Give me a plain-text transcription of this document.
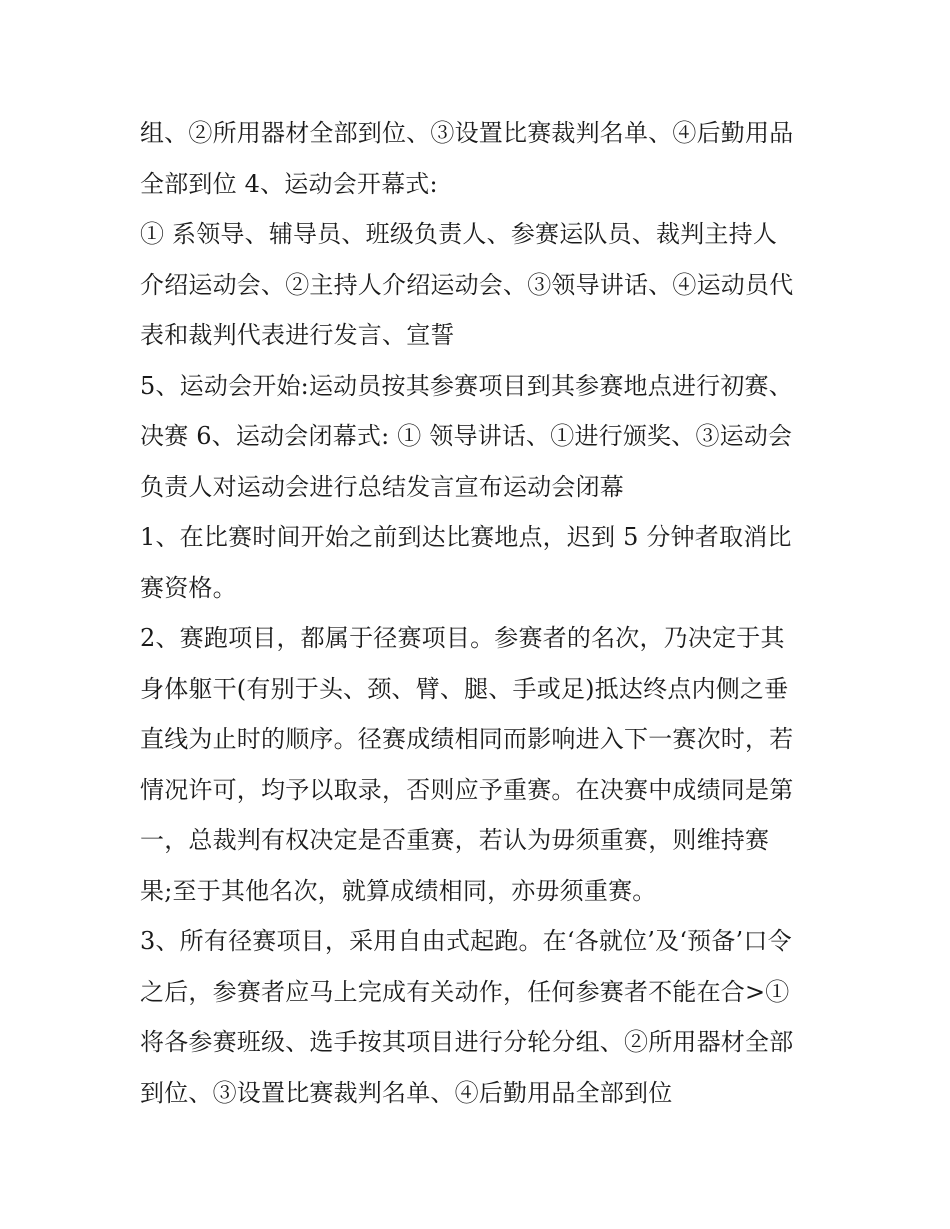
组、②所用器材全部到位、③设置比赛裁判名单、④后勤用品
全部到位 4、运动会开幕式:
① 系领导、辅导员、班级负责人、参赛运队员、裁判主持人
介绍运动会、②主持人介绍运动会、③领导讲话、④运动员代
表和裁判代表进行发言、宣誓
5、运动会开始:运动员按其参赛项目到其参赛地点进行初赛、
决赛 6、运动会闭幕式: ① 领导讲话、①进行颁奖、③运动会
负责人对运动会进行总结发言宣布运动会闭幕
1、在比赛时间开始之前到达比赛地点，迟到 5 分钟者取消比
赛资格。
2、赛跑项目，都属于径赛项目。参赛者的名次，乃决定于其
身体躯干(有别于头、颈、臂、腿、手或足)抵达终点内侧之垂
直线为止时的顺序。径赛成绩相同而影响进入下一赛次时，若
情况许可，均予以取录，否则应予重赛。在决赛中成绩同是第
一，总裁判有权决定是否重赛，若认为毋须重赛，则维持赛
果;至于其他名次，就算成绩相同，亦毋须重赛。
3、所有径赛项目，采用自由式起跑。在‘各就位’及‘预备’口令
之后，参赛者应马上完成有关动作，任何参赛者不能在合>①
将各参赛班级、选手按其项目进行分轮分组、②所用器材全部
到位、③设置比赛裁判名单、④后勤用品全部到位
